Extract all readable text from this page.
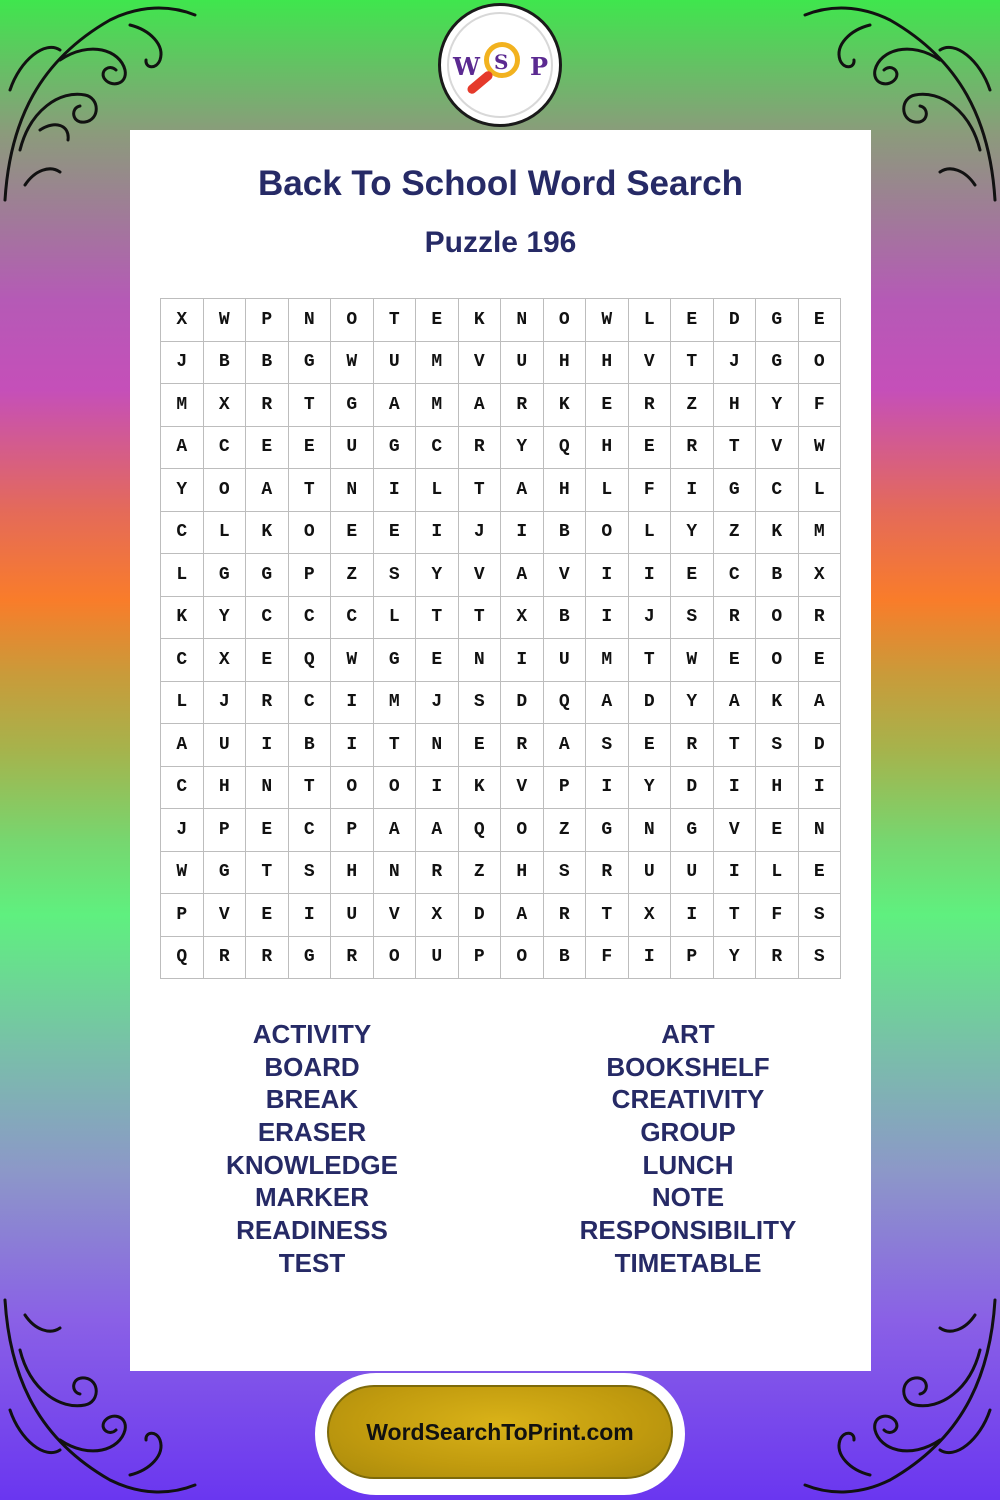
W S P
Back To School Word Search
Puzzle 196
X	W	P	N	O	T	E	K	N	O	W	L	E	D	G	E
J	B	B	G	W	U	M	V	U	H	H	V	T	J	G	O
M	X	R	T	G	A	M	A	R	K	E	R	Z	H	Y	F
A	C	E	E	U	G	C	R	Y	Q	H	E	R	T	V	W
Y	O	A	T	N	I	L	T	A	H	L	F	I	G	C	L
C	L	K	O	E	E	I	J	I	B	O	L	Y	Z	K	M
L	G	G	P	Z	S	Y	V	A	V	I	I	E	C	B	X
K	Y	C	C	C	L	T	T	X	B	I	J	S	R	O	R
C	X	E	Q	W	G	E	N	I	U	M	T	W	E	O	E
L	J	R	C	I	M	J	S	D	Q	A	D	Y	A	K	A
A	U	I	B	I	T	N	E	R	A	S	E	R	T	S	D
C	H	N	T	O	O	I	K	V	P	I	Y	D	I	H	I
J	P	E	C	P	A	A	Q	O	Z	G	N	G	V	E	N
W	G	T	S	H	N	R	Z	H	S	R	U	U	I	L	E
P	V	E	I	U	V	X	D	A	R	T	X	I	T	F	S
Q	R	R	G	R	O	U	P	O	B	F	I	P	Y	R	S
ACTIVITY
BOARD
BREAK
ERASER
KNOWLEDGE
MARKER
READINESS
TEST
ART
BOOKSHELF
CREATIVITY
GROUP
LUNCH
NOTE
RESPONSIBILITY
TIMETABLE
WordSearchToPrint.com
